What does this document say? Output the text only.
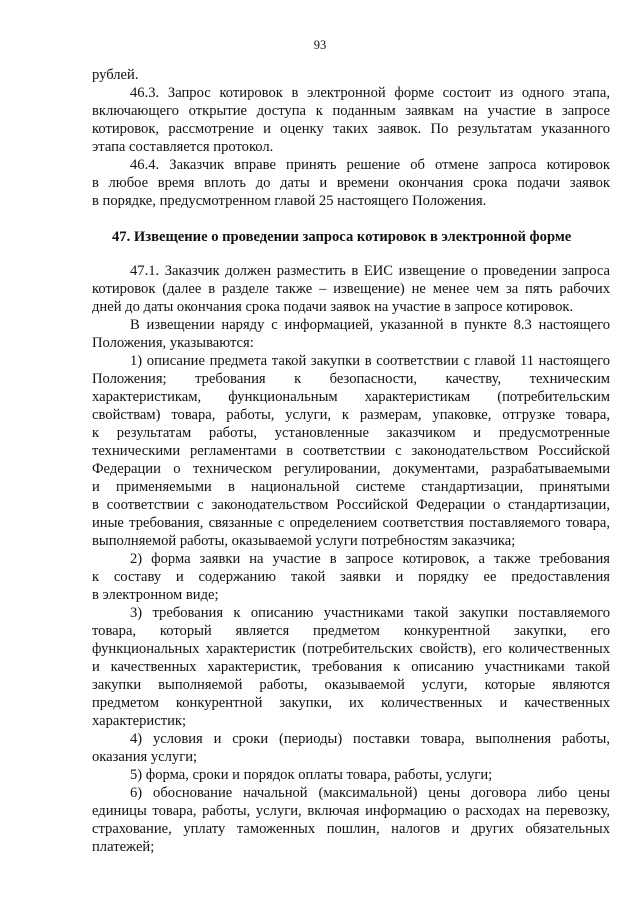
93

рублей.

46.3. Запрос котировок в электронной форме состоит из одного этапа,

включающего открытие доступа к поданным заявкам на участие в запросе

котировок, рассмотрение и оценку таких заявок. По результатам указанного

этапа составляется протокол.

46.4. Заказчик вправе принять решение об отмене запроса котировок

в любое время вплоть до даты и времени окончания срока подачи заявок

в порядке, предусмотренном главой 25 настоящего Положения.

47. Извещение о проведении запроса котировок в электронной форме

47.1. Заказчик должен разместить в ЕИС извещение о проведении запроса

котировок (далее в разделе также – извещение) не менее чем за пять рабочих

дней до даты окончания срока подачи заявок на участие в запросе котировок.

В извещении наряду с информацией, указанной в пункте 8.3 настоящего

Положения, указываются:

1) описание предмета такой закупки в соответствии с главой 11 настоящего

Положения; требования к безопасности, качеству, техническим

характеристикам, функциональным характеристикам (потребительским

свойствам) товара, работы, услуги, к размерам, упаковке, отгрузке товара,

к результатам работы, установленные заказчиком и предусмотренные

техническими регламентами в соответствии с законодательством Российской

Федерации о техническом регулировании, документами, разрабатываемыми

и применяемыми в национальной системе стандартизации, принятыми

в соответствии с законодательством Российской Федерации о стандартизации,

иные требования, связанные с определением соответствия поставляемого товара,

выполняемой работы, оказываемой услуги потребностям заказчика;

2) форма заявки на участие в запросе котировок, а также требования

к составу и содержанию такой заявки и порядку ее предоставления

в электронном виде;

3) требования к описанию участниками такой закупки поставляемого

товара, который является предметом конкурентной закупки, его

функциональных характеристик (потребительских свойств), его количественных

и качественных характеристик, требования к описанию участниками такой

закупки выполняемой работы, оказываемой услуги, которые являются

предметом конкурентной закупки, их количественных и качественных

характеристик;

4) условия и сроки (периоды) поставки товара, выполнения работы,

оказания услуги;

5) форма, сроки и порядок оплаты товара, работы, услуги;

6) обоснование начальной (максимальной) цены договора либо цены

единицы товара, работы, услуги, включая информацию о расходах на перевозку,

страхование, уплату таможенных пошлин, налогов и других обязательных

платежей;
